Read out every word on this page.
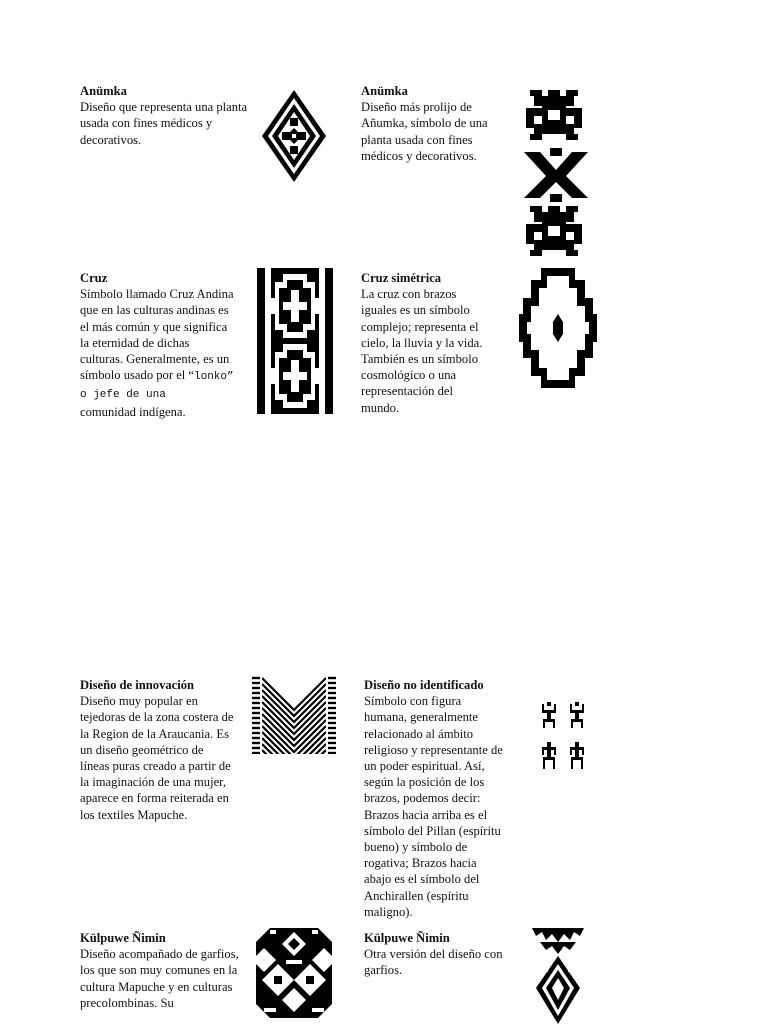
Anümka
Diseño que representa una planta usada con fines médicos y decorativos.
Anümka
Diseño más prolijo de Añumka, símbolo de una planta usada con fines médicos y decorativos.
Cruz
Símbolo llamado Cruz Andina que en las culturas andinas es el más común y que significa la eternidad de dichas culturas. Generalmente, es un símbolo usado por el “lonko” o jefe de una
comunidad indígena.
Cruz simétrica
La cruz con brazos iguales es un símbolo complejo; representa el cielo, la lluvia y la vida. También es un símbolo cosmológico o una representación del mundo.
Diseño de innovación
Diseño muy popular en tejedoras de la zona costera de la Region de la Araucania. Es un diseño geométrico de líneas puras creado a partir de la imaginación de una mujer, aparece en forma reiterada en los textiles Mapuche.
Diseño no identificado
Símbolo con figura humana, generalmente relacionado al ámbito religioso y representante de un poder espiritual. Así, según la posición de los brazos, podemos decir: Brazos hacia arriba es el símbolo del Pillan (espíritu bueno) y símbolo de rogativa; Brazos hacia abajo es el símbolo del Anchirallen (espíritu maligno).
Külpuwe Ñimin
Diseño acompañado de garfios, los que son muy comunes en la cultura Mapuche y en culturas precolombinas. Su
Külpuwe Ñimin
Otra versión del diseño con garfios.
